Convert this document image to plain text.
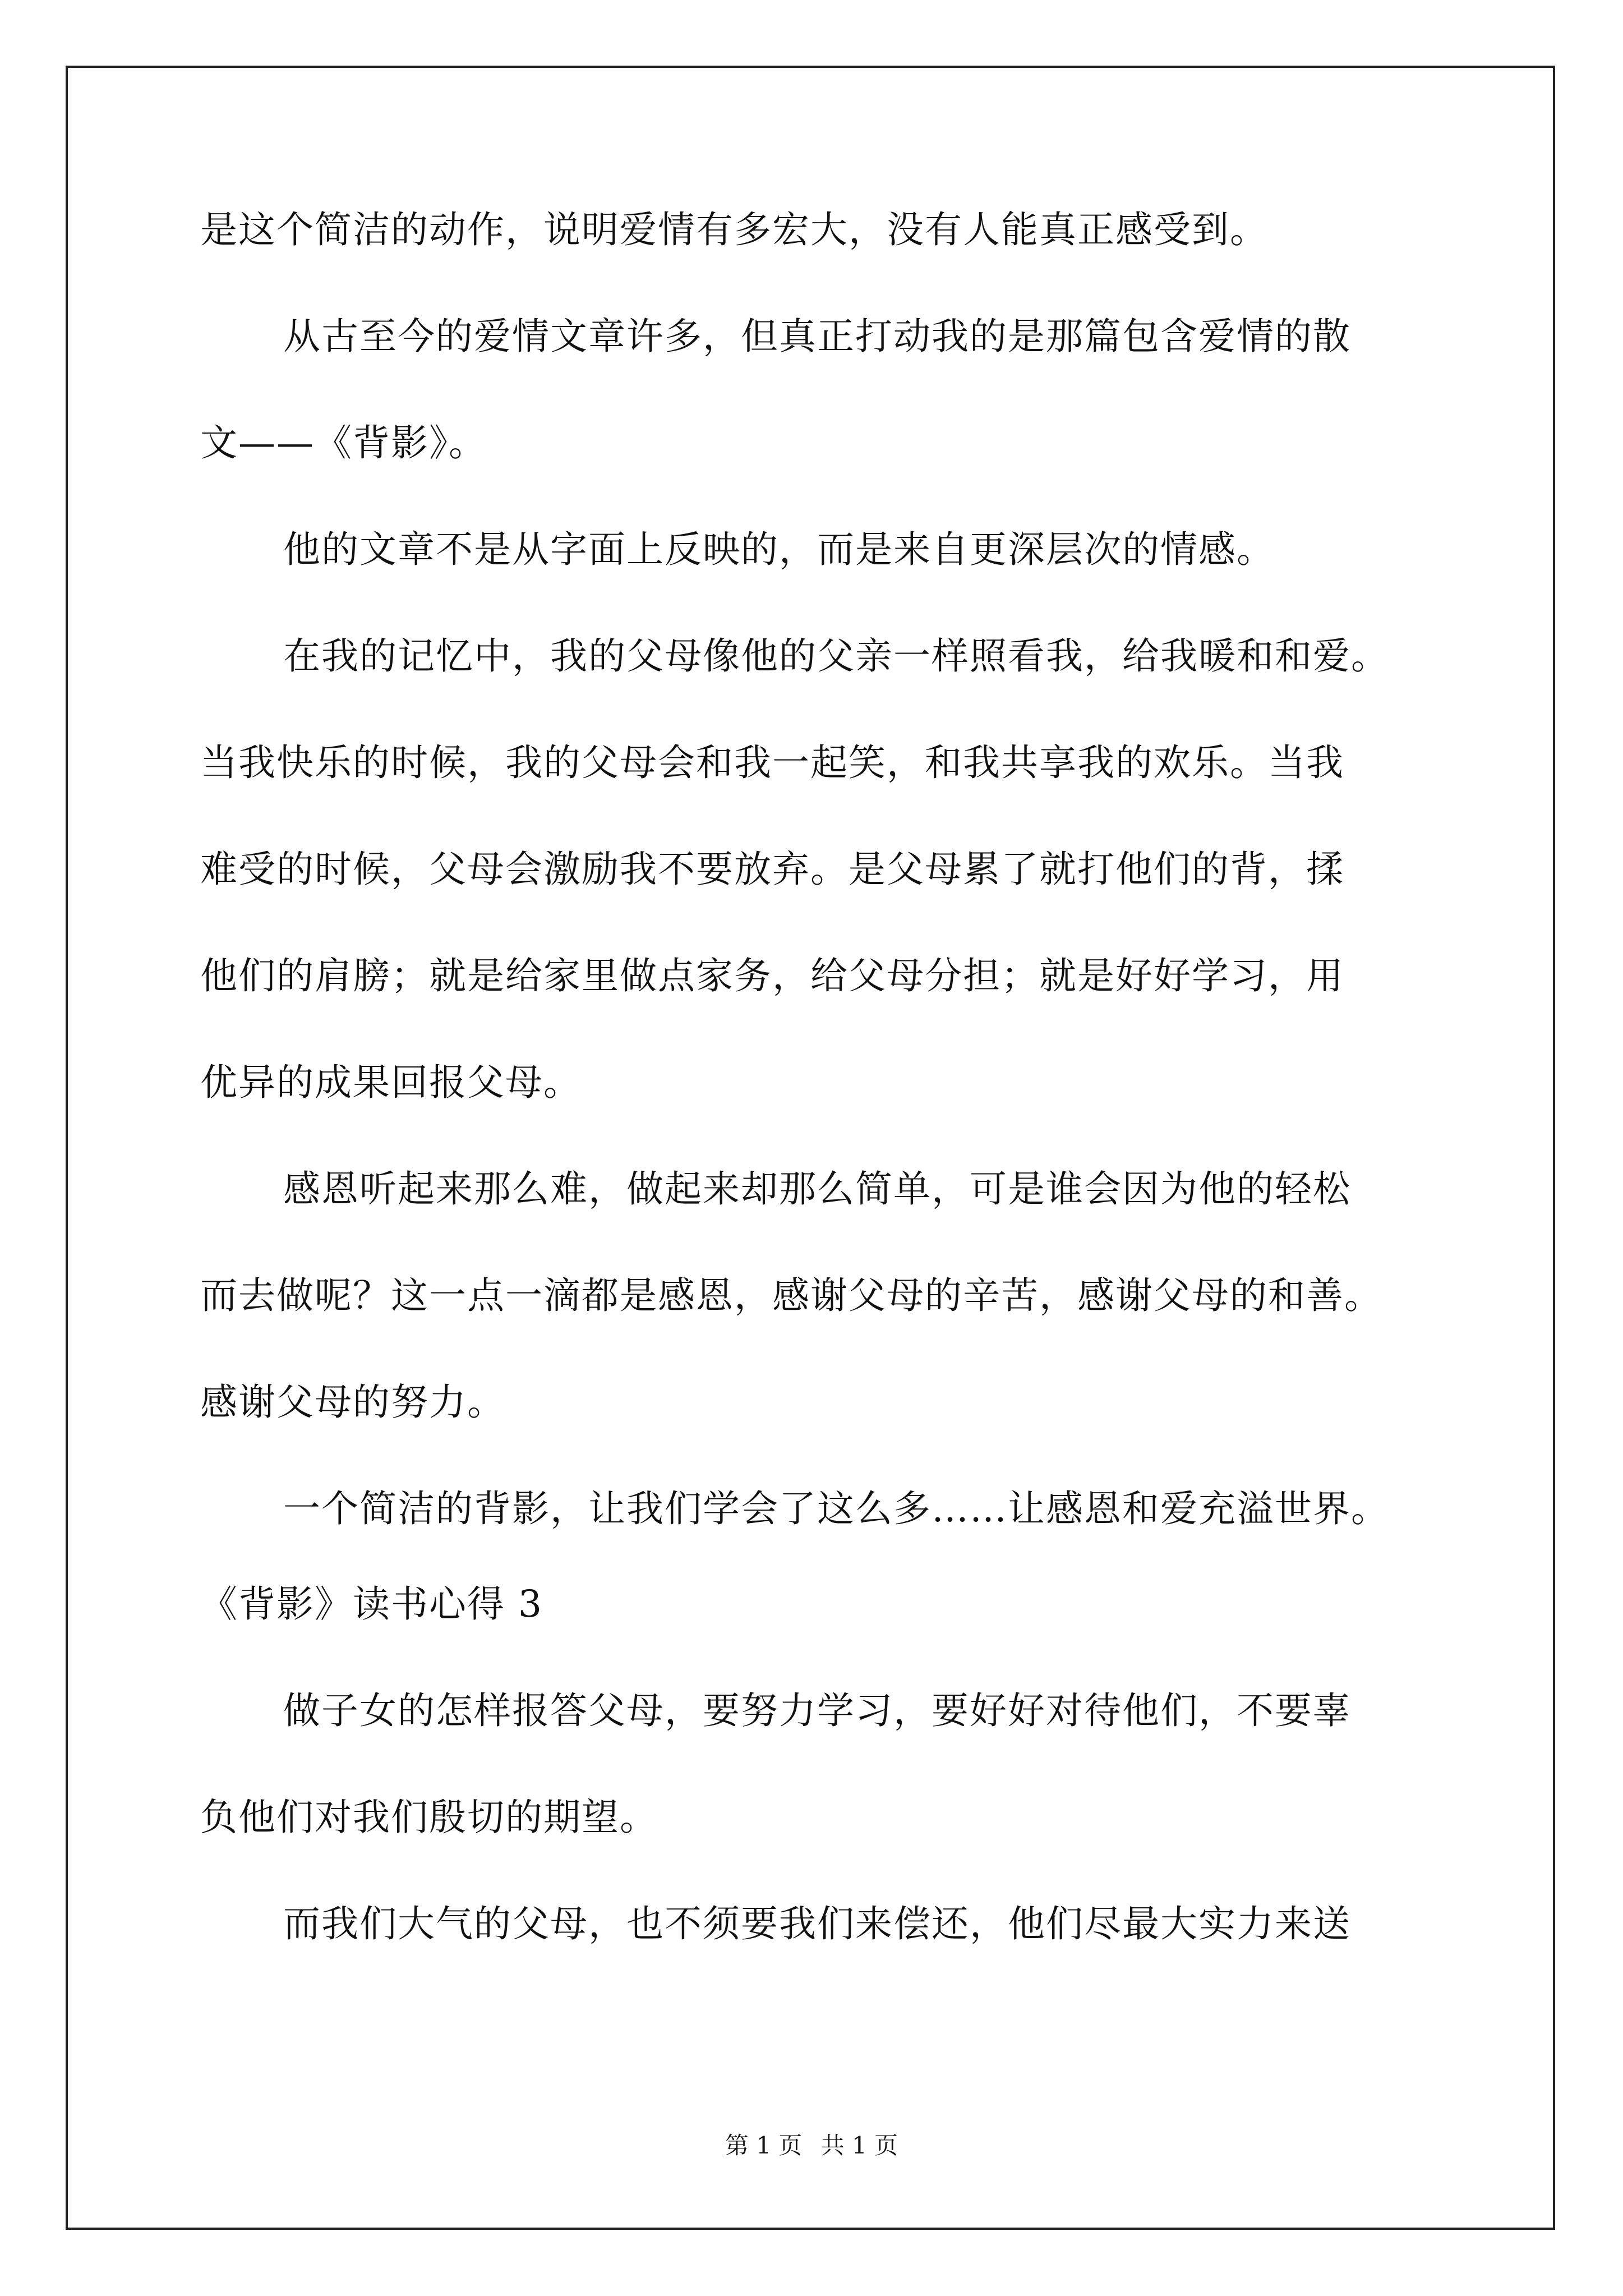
是这个简洁的动作，说明爱情有多宏大，没有人能真正感受到。
从古至今的爱情文章许多，但真正打动我的是那篇包含爱情的散
文——《背影》。
他的文章不是从字面上反映的，而是来自更深层次的情感。
在我的记忆中，我的父母像他的父亲一样照看我，给我暖和和爱。
当我快乐的时候，我的父母会和我一起笑，和我共享我的欢乐。当我
难受的时候，父母会激励我不要放弃。是父母累了就打他们的背，揉
他们的肩膀；就是给家里做点家务，给父母分担；就是好好学习，用
优异的成果回报父母。
感恩听起来那么难，做起来却那么简单，可是谁会因为他的轻松
而去做呢？这一点一滴都是感恩，感谢父母的辛苦，感谢父母的和善。
感谢父母的努力。
一个简洁的背影，让我们学会了这么多……让感恩和爱充溢世界。
《背影》读书心得 3
做子女的怎样报答父母，要努力学习，要好好对待他们，不要辜
负他们对我们殷切的期望。
而我们大气的父母，也不须要我们来偿还，他们尽最大实力来送
第 1 页 共 1 页
